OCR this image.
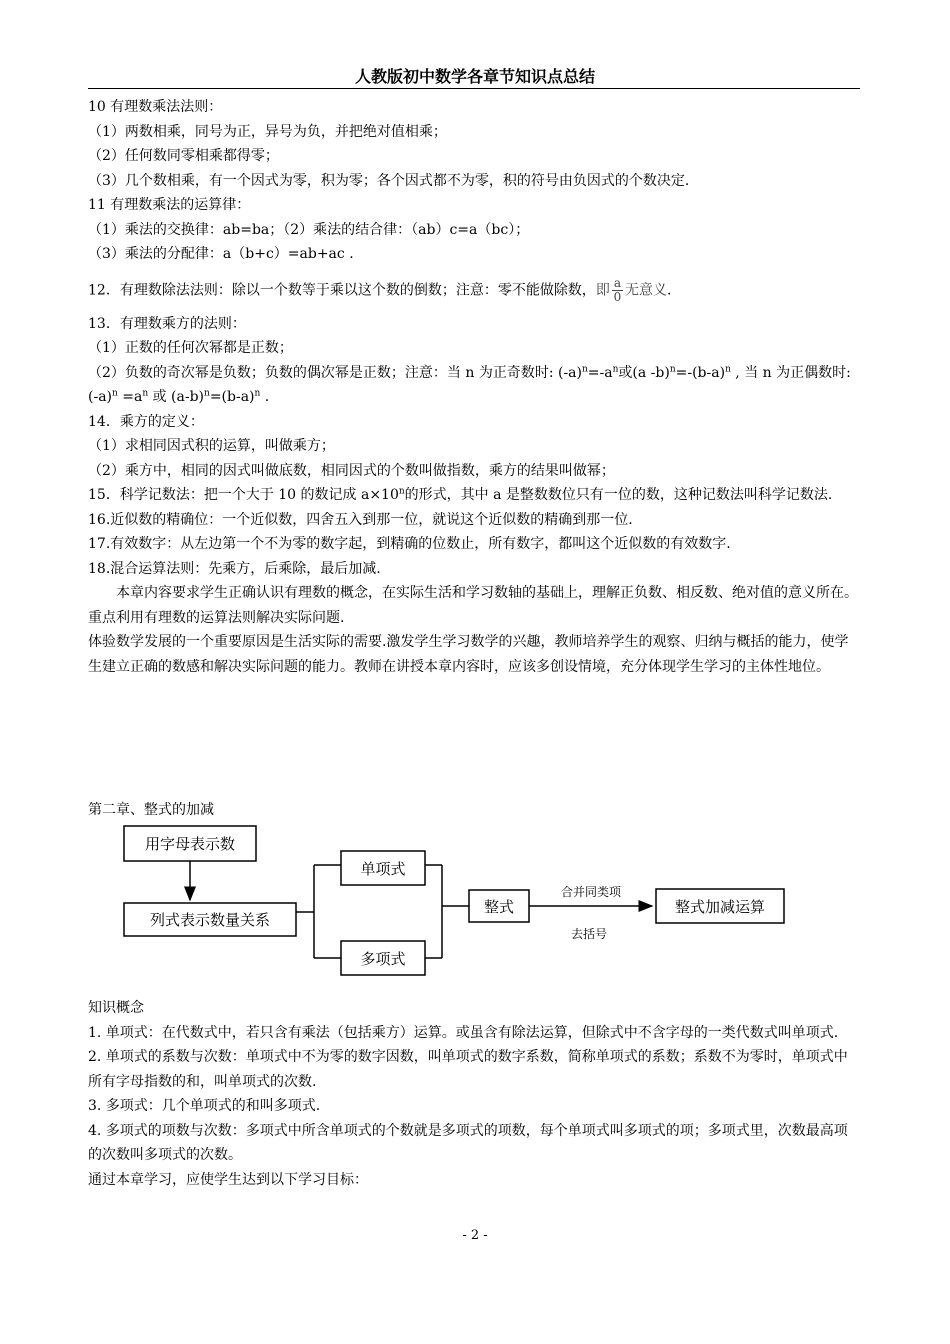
人教版初中数学各章节知识点总结

10 有理数乘法法则：

（1）两数相乘，同号为正，异号为负，并把绝对值相乘；

（2）任何数同零相乘都得零；

（3）几个数相乘，有一个因式为零，积为零；各个因式都不为零，积的符号由负因式的个数决定.

11 有理数乘法的运算律：

（1）乘法的交换律：ab=ba；（2）乘法的结合律：（ab）c=a（bc）；

（3）乘法的分配律：a（b+c）=ab+ac .

12．有理数除法法则：除以一个数等于乘以这个数的倒数；注意：零不能做除数，即 $\frac{a}{0}$ 无意义.

13．有理数乘方的法则：

（1）正数的任何次幂都是正数；

（2）负数的奇次幂是负数；负数的偶次幂是正数；注意：当 n 为正奇数时: $(-a)^n=-a^n$或(a $-b)^n=-(b-a)^n$ , 当 n 为正偶数时: $(-a)^n =a^n$ 或 $(a-b)^n=(b-a)^n$ .

14．乘方的定义：

（1）求相同因式积的运算，叫做乘方；

（2）乘方中，相同的因式叫做底数，相同因式的个数叫做指数，乘方的结果叫做幂；

15．科学记数法：把一个大于 10 的数记成 $a\times 10^n$的形式，其中 a 是整数数位只有一位的数，这种记数法叫科学记数法.

16.近似数的精确位：一个近似数，四舍五入到那一位，就说这个近似数的精确到那一位.

17.有效数字：从左边第一个不为零的数字起，到精确的位数止，所有数字，都叫这个近似数的有效数字.

18.混合运算法则：先乘方，后乘除，最后加减.

本章内容要求学生正确认识有理数的概念，在实际生活和学习数轴的基础上，理解正负数、相反数、绝对值的意义所在。重点利用有理数的运算法则解决实际问题.

体验数学发展的一个重要原因是生活实际的需要.激发学生学习数学的兴趣，教师培养学生的观察、归纳与概括的能力，使学生建立正确的数感和解决实际问题的能力。教师在讲授本章内容时，应该多创设情境，充分体现学生学习的主体性地位。

第二章、整式的加减
用字母表示数
列式表示数量关系
单项式
多项式
整式	整式加减运算
合并同类项
去括号

知识概念

1. 单项式：在代数式中，若只含有乘法（包括乘方）运算。或虽含有除法运算，但除式中不含字母的一类代数式叫单项式.

2. 单项式的系数与次数：单项式中不为零的数字因数，叫单项式的数字系数，简称单项式的系数；系数不为零时，单项式中所有字母指数的和，叫单项式的次数.

3. 多项式：几个单项式的和叫多项式.

4. 多项式的项数与次数：多项式中所含单项式的个数就是多项式的项数，每个单项式叫多项式的项；多项式里，次数最高项的次数叫多项式的次数。

通过本章学习，应使学生达到以下学习目标：

- 2 -
